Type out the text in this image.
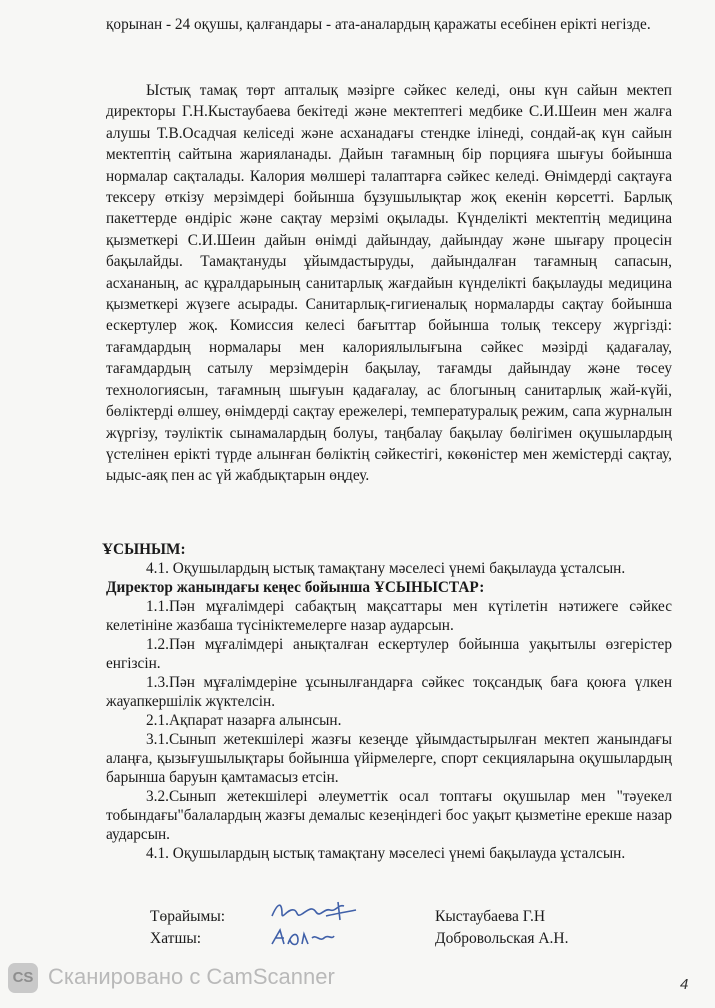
қорынан - 24 оқушы, қалғандары - ата-аналардың қаражаты есебінен ерікті негізде.

Ыстық тамақ төрт апталық мәзірге сәйкес келеді, оны күн сайын мектеп директоры Г.Н.Кыстаубаева бекітеді және мектептегі медбике С.И.Шеин мен жалға алушы Т.В.Осадчая келіседі және асханадағы стендке ілінеді, сондай-ақ күн сайын мектептің сайтына жарияланады. Дайын тағамның бір порцияға шығуы бойынша нормалар сақталады. Калория мөлшері талаптарға сәйкес келеді. Өнімдерді сақтауға тексеру өткізу мерзімдері бойынша бұзушылықтар жоқ екенін көрсетті. Барлық пакеттерде өндіріс және сақтау мерзімі оқылады. Күнделікті мектептің медицина қызметкері С.И.Шеин дайын өнімді дайындау, дайындау және шығару процесін бақылайды. Тамақтануды ұйымдастыруды, дайындалған тағамның сапасын, асхананың, ас құралдарының санитарлық жағдайын күнделікті бақылауды медицина қызметкері жүзеге асырады. Санитарлық-гигиеналық нормаларды сақтау бойынша ескертулер жоқ. Комиссия келесі бағыттар бойынша толық тексеру жүргізді: тағамдардың нормалары мен калориялылығына сәйкес мәзірді қадағалау, тағамдардың сатылу мерзімдерін бақылау, тағамды дайындау және төсеу технологиясын, тағамның шығуын қадағалау, ас блогының санитарлық жай-күйі, бөліктерді өлшеу, өнімдерді сақтау ережелері, температуралық режим, сапа журналын жүргізу, тәуліктік сынамалардың болуы, таңбалау бақылау бөлігімен оқушылардың үстелінен ерікті түрде алынған бөліктің сәйкестігі, көкөністер мен жемістерді сақтау, ыдыс-аяқ пен ас үй жабдықтарын өңдеу.

ҰСЫНЫМ:

4.1. Оқушылардың ыстық тамақтану мәселесі үнемі бақылауда ұсталсын.

Директор жанындағы кеңес бойынша ҰСЫНЫСТАР:

1.1.Пән мұғалімдері сабақтың мақсаттары мен күтілетін нәтижеге сәйкес келетініне жазбаша түсініктемелерге назар аударсын.

1.2.Пән мұғалімдері анықталған ескертулер бойынша уақытылы өзгерістер енгізсін.

1.3.Пән мұғалімдеріне ұсынылғандарға сәйкес тоқсандық баға қоюға үлкен жауапкершілік жүктелсін.

2.1.Ақпарат назарға алынсын.

3.1.Сынып жетекшілері жазғы кезеңде ұйымдастырылған мектеп жанындағы алаңға, қызығушылықтары бойынша үйірмелерге, спорт секцияларына оқушылардың барынша баруын қамтамасыз етсін.

3.2.Сынып жетекшілері әлеуметтік осал топтағы оқушылар мен "тәуекел тобындағы"балалардың жазғы демалыс кезеңіндегі бос уақыт қызметіне ерекше назар аударсын.

4.1. Оқушылардың ыстық тамақтану мәселесі үнемі бақылауда ұсталсын.

Төрайымы:	Кыстаубаева Г.Н
Хатшы:	Добровольская А.Н.
CS Сканировано с CamScanner	4
